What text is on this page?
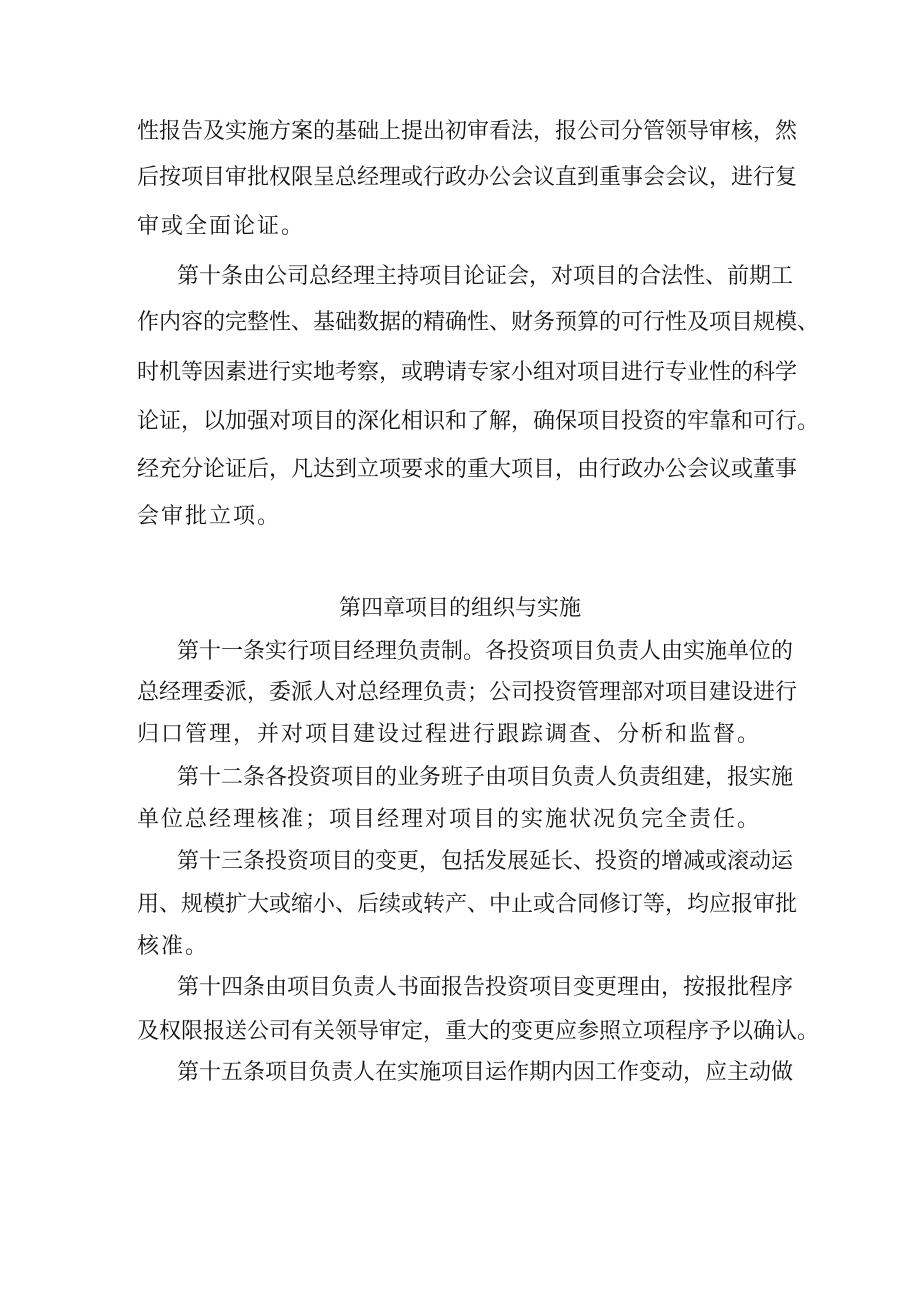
性报告及实施方案的基础上提出初审看法，报公司分管领导审核，然
后按项目审批权限呈总经理或行政办公会议直到重事会会议，进行复
审或全面论证。
第十条由公司总经理主持项目论证会，对项目的合法性、前期工
作内容的完整性、基础数据的精确性、财务预算的可行性及项目规模、
时机等因素进行实地考察，或聘请专家小组对项目进行专业性的科学
论证，以加强对项目的深化相识和了解，确保项目投资的牢靠和可行。
经充分论证后，凡达到立项要求的重大项目，由行政办公会议或董事
会审批立项。
第四章项目的组织与实施
第十一条实行项目经理负责制。各投资项目负责人由实施单位的
总经理委派，委派人对总经理负责；公司投资管理部对项目建设进行
归口管理，并对项目建设过程进行跟踪调查、分析和监督。
第十二条各投资项目的业务班子由项目负责人负责组建，报实施
单位总经理核准；项目经理对项目的实施状况负完全责任。
第十三条投资项目的变更，包括发展延长、投资的增减或滚动运
用、规模扩大或缩小、后续或转产、中止或合同修订等，均应报审批
核准。
第十四条由项目负责人书面报告投资项目变更理由，按报批程序
及权限报送公司有关领导审定，重大的变更应参照立项程序予以确认。
第十五条项目负责人在实施项目运作期内因工作变动，应主动做
